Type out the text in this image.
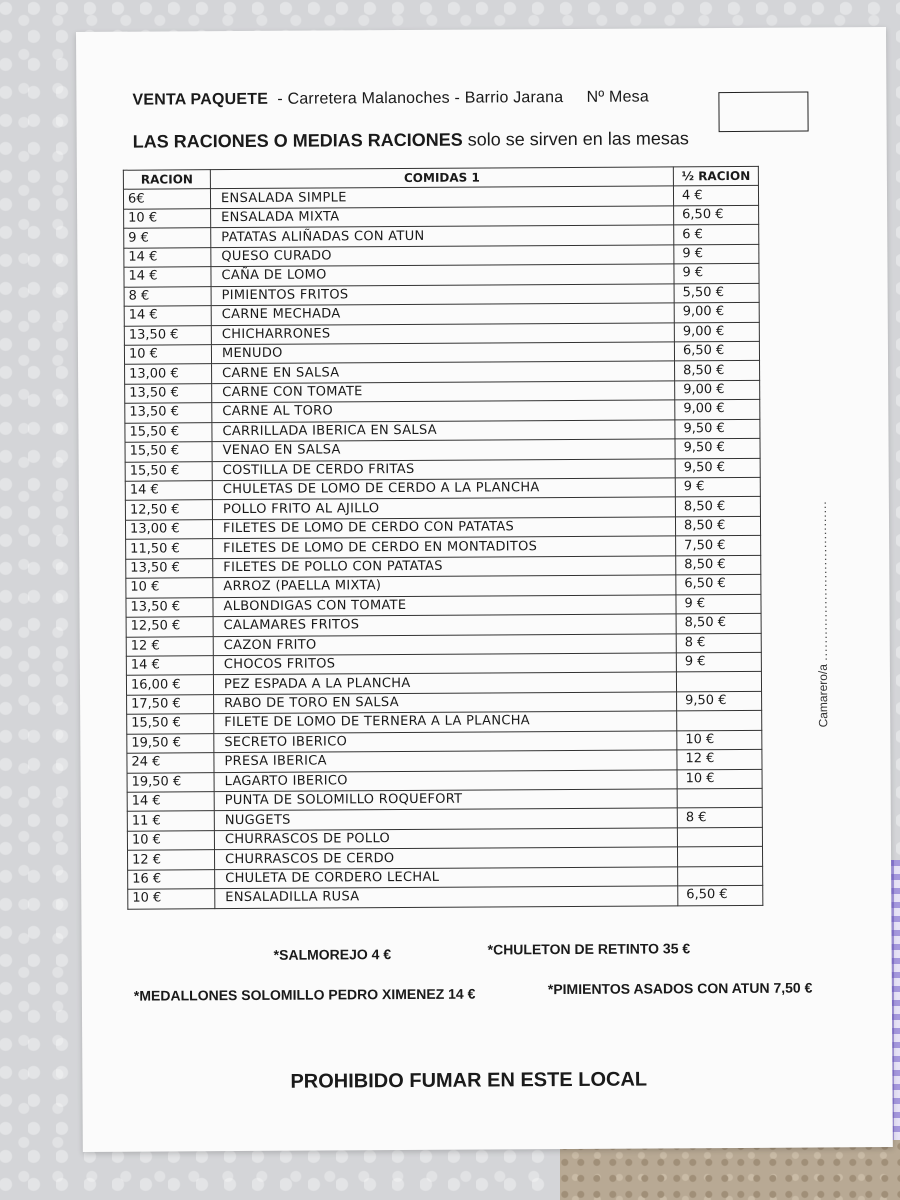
VENTA PAQUETE  - Carretera Malanoches - Barrio Jarana Nº Mesa
LAS RACIONES O MEDIAS RACIONES solo se sirven en las mesas
RACION	COMIDAS 1	½ RACION
6€	ENSALADA SIMPLE	4 €
10 €	ENSALADA MIXTA	6,50 €
9 €	PATATAS ALIÑADAS CON ATUN	6 €
14 €	QUESO CURADO	9 €
14 €	CAÑA DE LOMO	9 €
8 €	PIMIENTOS FRITOS	5,50 €
14 €	CARNE MECHADA	9,00 €
13,50 €	CHICHARRONES	9,00 €
10 €	MENUDO	6,50 €
13,00 €	CARNE EN SALSA	8,50 €
13,50 €	CARNE CON TOMATE	9,00 €
13,50 €	CARNE AL TORO	9,00 €
15,50 €	CARRILLADA IBERICA EN SALSA	9,50 €
15,50 €	VENAO EN SALSA	9,50 €
15,50 €	COSTILLA DE CERDO FRITAS	9,50 €
14 €	CHULETAS DE LOMO DE CERDO A LA PLANCHA	9 €
12,50 €	POLLO FRITO AL AJILLO	8,50 €
13,00 €	FILETES DE LOMO DE CERDO CON PATATAS	8,50 €
11,50 €	FILETES DE LOMO DE CERDO EN MONTADITOS	7,50 €
13,50 €	FILETES DE POLLO CON PATATAS	8,50 €
10 €	ARROZ (PAELLA MIXTA)	6,50 €
13,50 €	ALBONDIGAS CON TOMATE	9 €
12,50 €	CALAMARES FRITOS	8,50 €
12 €	CAZON FRITO	8 €
14 €	CHOCOS FRITOS	9 €
16,00 €	PEZ ESPADA A LA PLANCHA	
17,50 €	RABO DE TORO EN SALSA	9,50 €
15,50 €	FILETE DE LOMO DE TERNERA A LA PLANCHA	
19,50 €	SECRETO IBERICO	10 €
24 €	PRESA IBERICA	12 €
19,50 €	LAGARTO IBERICO	10 €
14 €	PUNTA DE SOLOMILLO ROQUEFORT	
11 €	NUGGETS	8 €
10 €	CHURRASCOS DE POLLO	
12 €	CHURRASCOS DE CERDO	
16 €	CHULETA DE CORDERO LECHAL	
10 €	ENSALADILLA RUSA	6,50 €
*SALMOREJO 4 €	*CHULETON DE RETINTO 35 €
*MEDALLONES SOLOMILLO PEDRO XIMENEZ 14 €	*PIMIENTOS ASADOS CON ATUN 7,50 €
PROHIBIDO FUMAR EN ESTE LOCAL
Camarero/a .....................................
